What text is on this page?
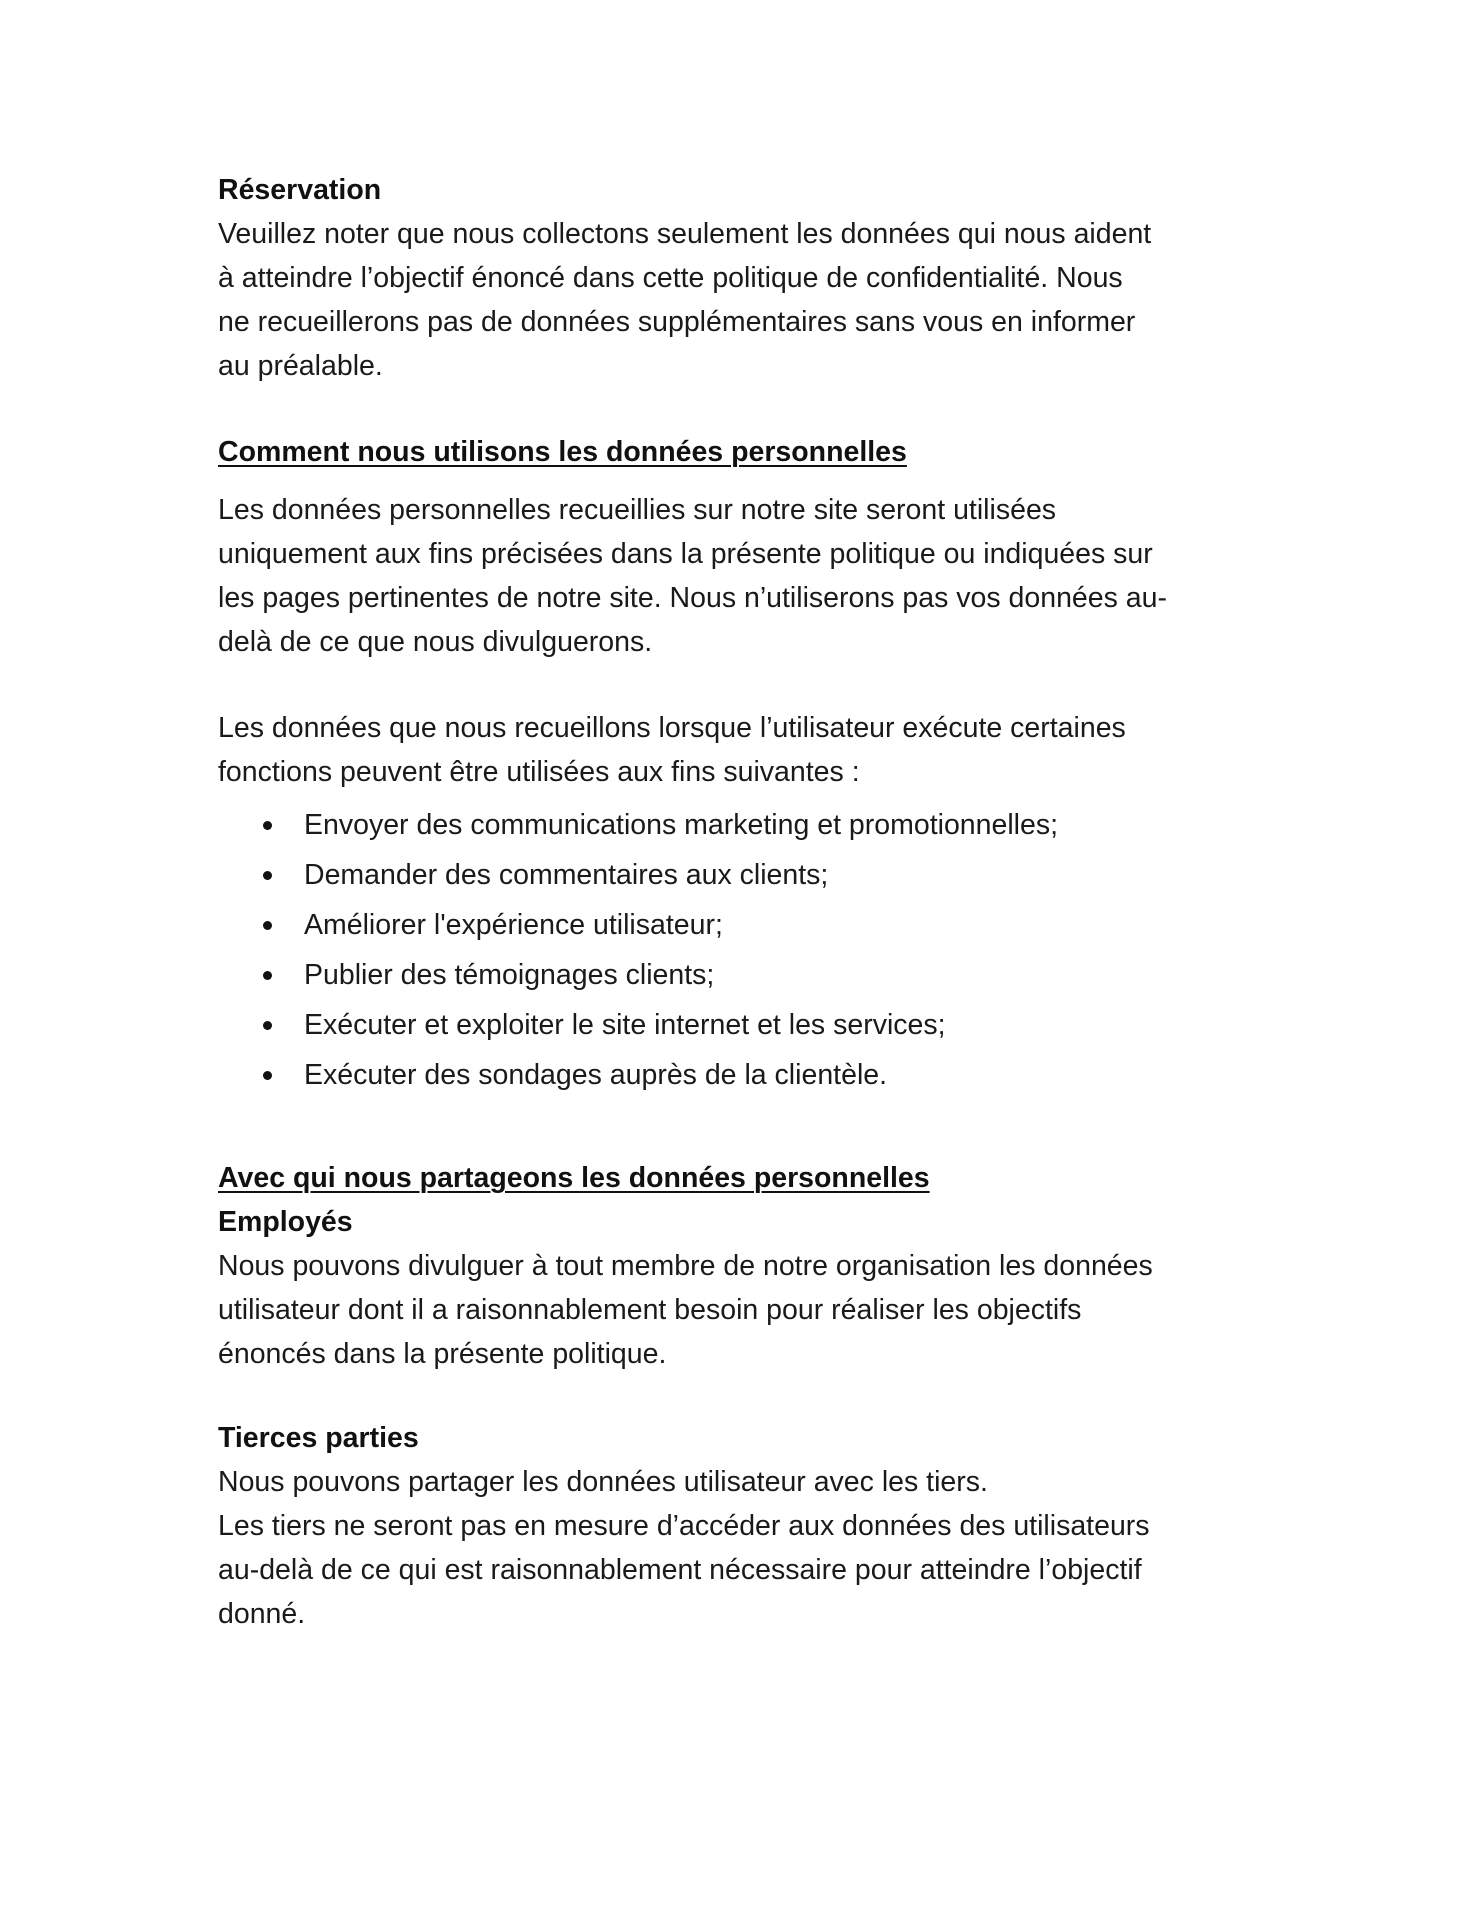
Réservation

Veuillez noter que nous collectons seulement les données qui nous aident

à atteindre l’objectif énoncé dans cette politique de confidentialité. Nous

ne recueillerons pas de données supplémentaires sans vous en informer

au préalable.

Comment nous utilisons les données personnelles

Les données personnelles recueillies sur notre site seront utilisées

uniquement aux fins précisées dans la présente politique ou indiquées sur

les pages pertinentes de notre site. Nous n’utiliserons pas vos données au-

delà de ce que nous divulguerons.

Les données que nous recueillons lorsque l’utilisateur exécute certaines

fonctions peuvent être utilisées aux fins suivantes :

Envoyer des communications marketing et promotionnelles;
Demander des commentaires aux clients;
Améliorer l'expérience utilisateur;
Publier des témoignages clients;
Exécuter et exploiter le site internet et les services;
Exécuter des sondages auprès de la clientèle.

Avec qui nous partageons les données personnelles

Employés

Nous pouvons divulguer à tout membre de notre organisation les données

utilisateur dont il a raisonnablement besoin pour réaliser les objectifs

énoncés dans la présente politique.

Tierces parties

Nous pouvons partager les données utilisateur avec les tiers.

Les tiers ne seront pas en mesure d’accéder aux données des utilisateurs

au-delà de ce qui est raisonnablement nécessaire pour atteindre l’objectif

donné.
